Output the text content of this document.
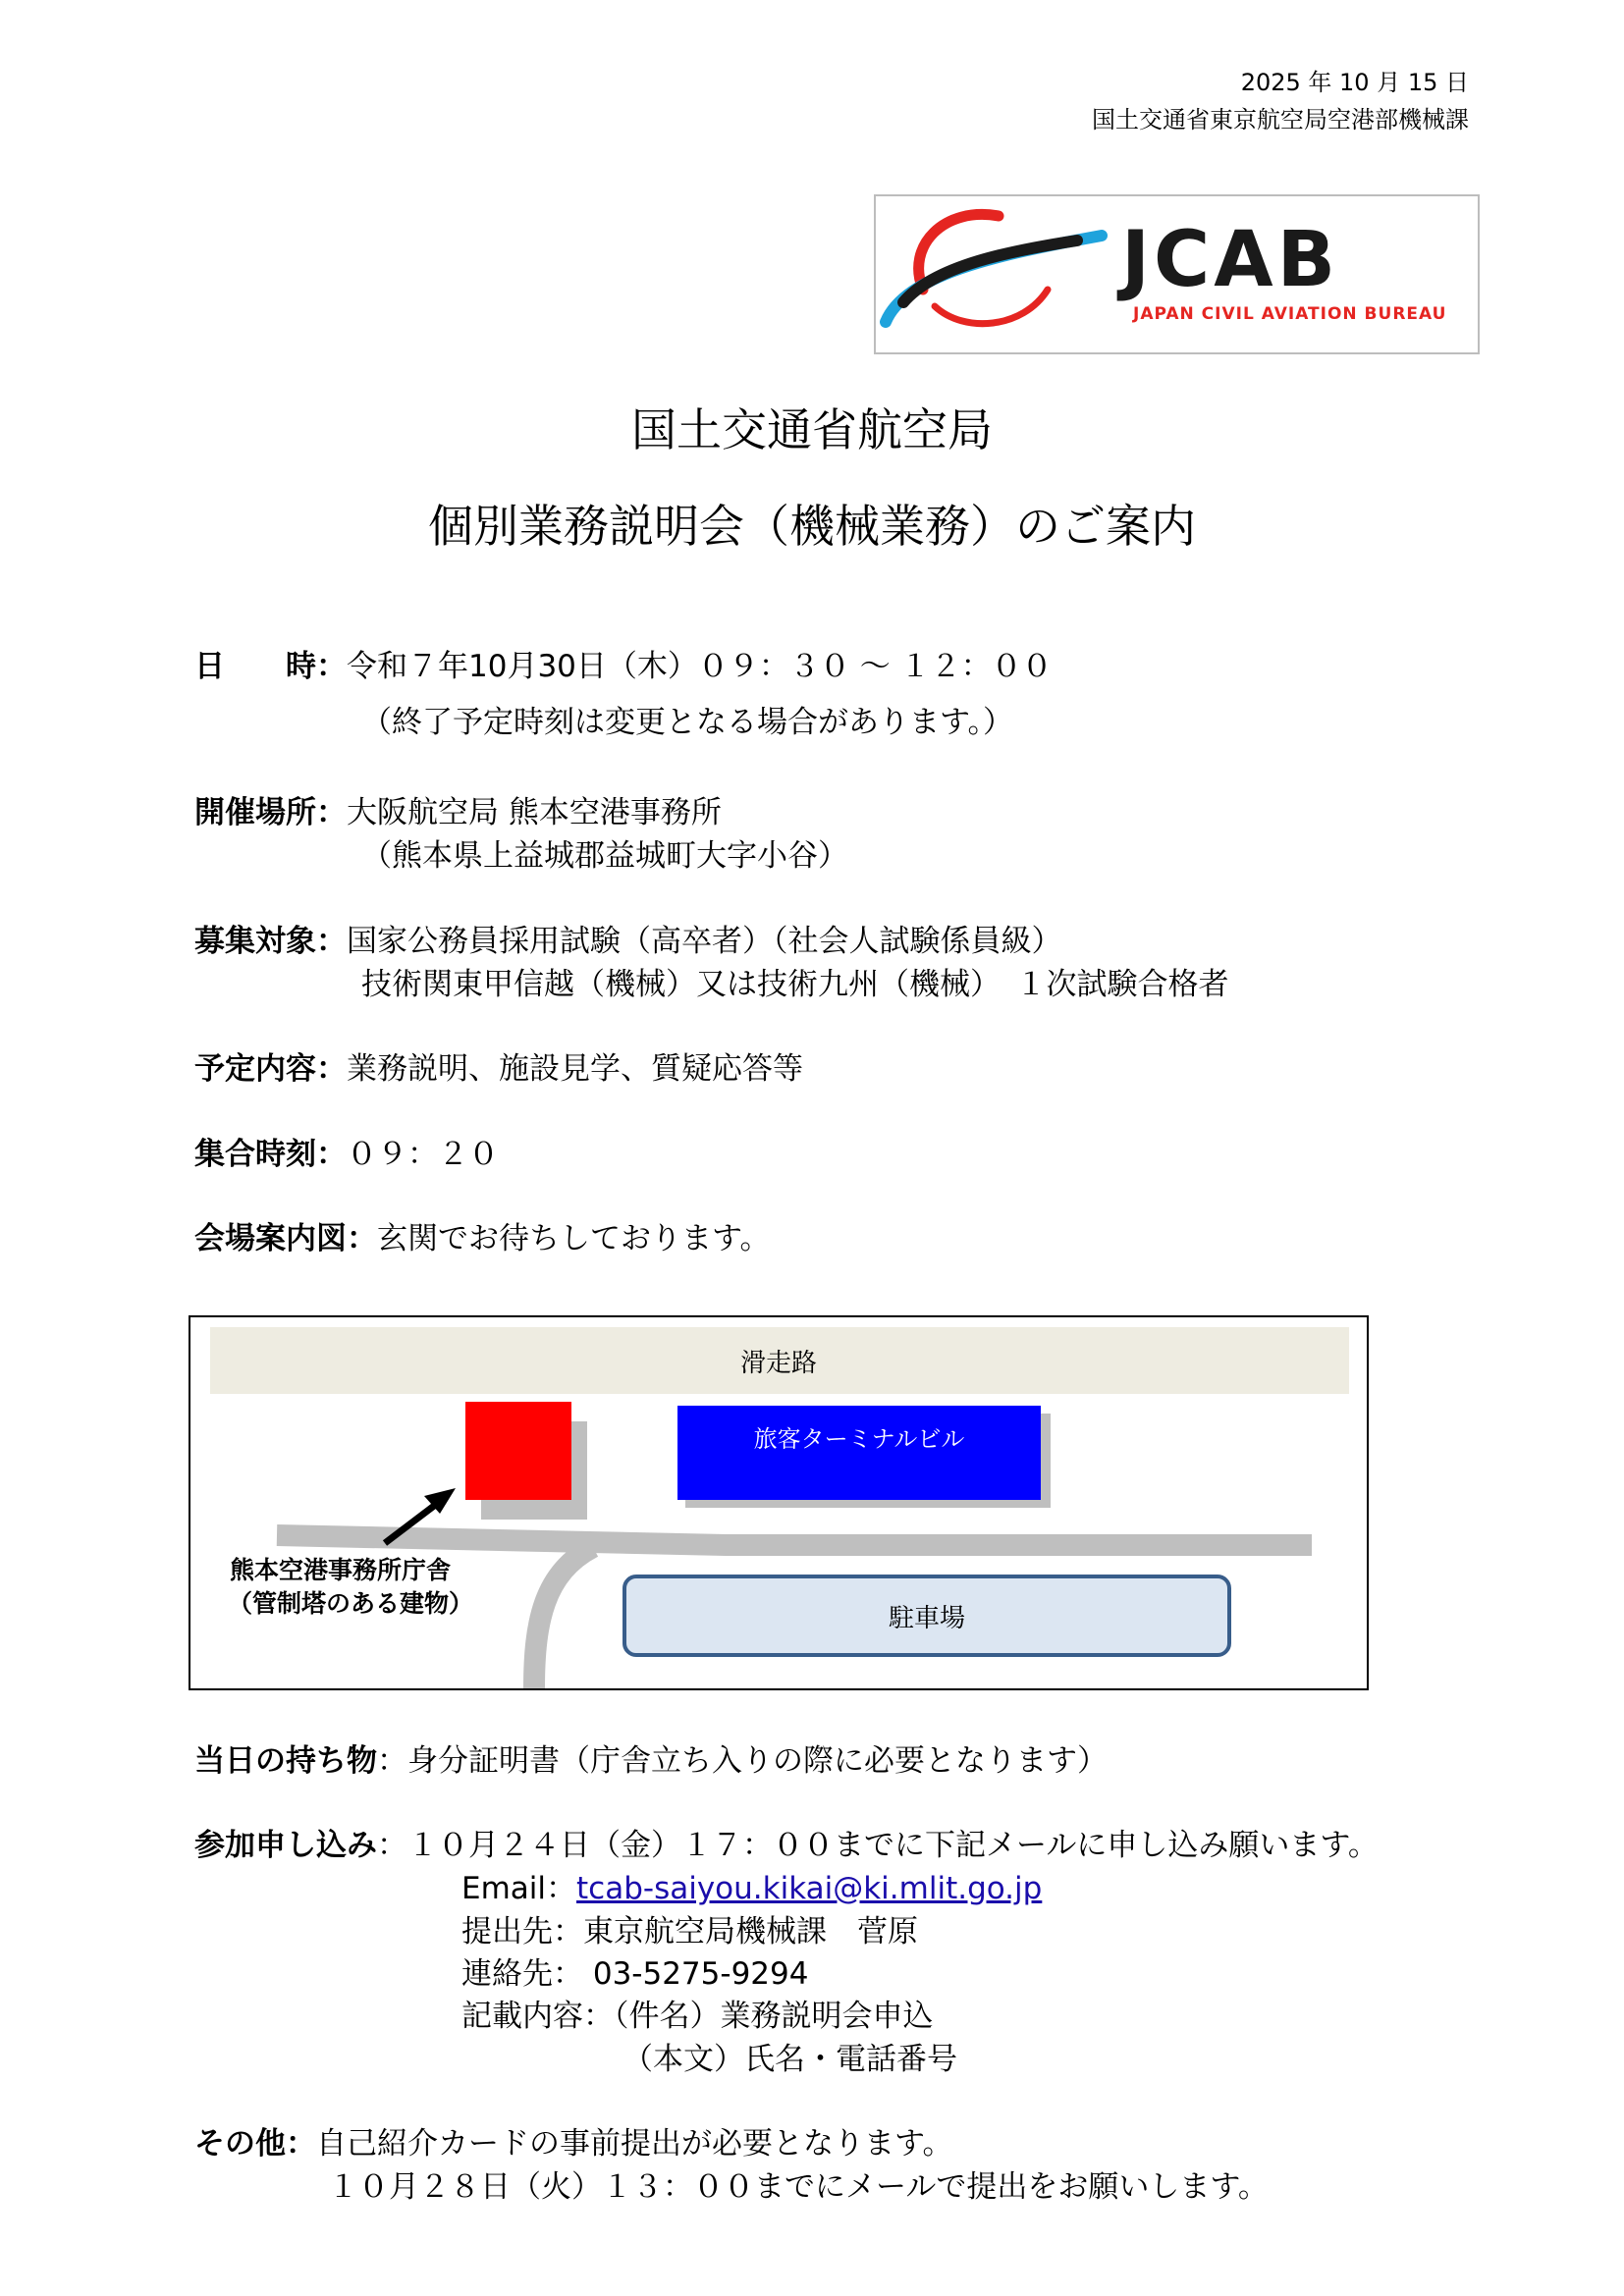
2025 年 10 月 15 日
国土交通省東京航空局空港部機械課
JCAB
JAPAN CIVIL AVIATION BUREAU
国土交通省航空局
個別業務説明会（機械業務）のご案内
日　　時：令和７年10月30日（木）０９：３０ ～ １２：００
（終了予定時刻は変更となる場合があります。）
開催場所：大阪航空局 熊本空港事務所
（熊本県上益城郡益城町大字小谷）
募集対象：国家公務員採用試験（高卒者）（社会人試験係員級）
技術関東甲信越（機械）又は技術九州（機械）　１次試験合格者
予定内容：業務説明、施設見学、質疑応答等
集合時刻：０９：２０
会場案内図：玄関でお待ちしております。
滑走路
旅客ターミナルビル
熊本空港事務所庁舎
（管制塔のある建物）
駐車場
当日の持ち物：身分証明書（庁舎立ち入りの際に必要となります）
参加申し込み：１０月２４日（金）１７：００までに下記メールに申し込み願います。
Email：tcab-saiyou.kikai@ki.mlit.go.jp
提出先：東京航空局機械課　菅原
連絡先： 03-5275-9294
記載内容：（件名）業務説明会申込
（本文）氏名・電話番号
その他：自己紹介カードの事前提出が必要となります。
１０月２８日（火）１３：００までにメールで提出をお願いします。
